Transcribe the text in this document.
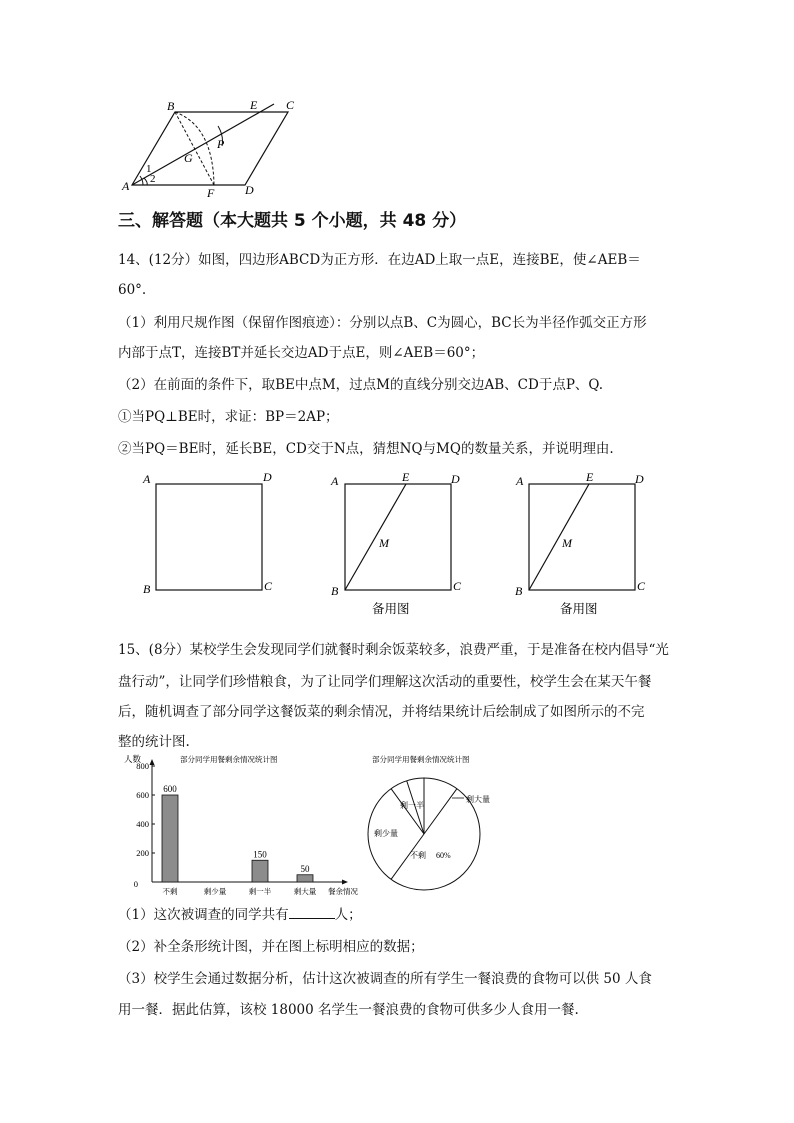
B	E C
P
G
1
2
A	F	D
三、解答题（本大题共 5 个小题，共 48 分）
14、(12分）如图，四边形ABCD为正方形．在边AD上取一点E，连接BE，使∠AEB＝
60°.
（1）利用尺规作图（保留作图痕迹）：分别以点B、C为圆心，BC长为半径作弧交正方形
内部于点T，连接BT并延长交边AD于点E，则∠AEB＝60°；
（2）在前面的条件下，取BE中点M，过点M的直线分别交边AB、CD于点P、Q.
①当PQ⊥BE时，求证：BP＝2AP；
②当PQ＝BE时，延长BE，CD交于N点，猜想NQ与MQ的数量关系，并说明理由.
A	D
B	C
A	E	D
M
B	C
备用图
A	E	D
M
B	C
备用图
15、(8分）某校学生会发现同学们就餐时剩余饭菜较多，浪费严重，于是准备在校内倡导“光
盘行动”，让同学们珍惜粮食，为了让同学们理解这次活动的重要性，校学生会在某天午餐
后，随机调查了部分同学这餐饭菜的剩余情况，并将结果统计后绘制成了如图所示的不完
整的统计图.
部分同学用餐剩余情况统计图
人数
餐余情况
0
200
400
600
800
不剩
600
剩少量	剩一半
150
剩大量
50
部分同学用餐剩余情况统计图
不剩 60%
剩少量
剩一半
剩大量
（1）这次被调查的同学共有	人；
（2）补全条形统计图，并在图上标明相应的数据；
（3）校学生会通过数据分析，估计这次被调查的所有学生一餐浪费的食物可以供 50 人食
用一餐．据此估算，该校 18000 名学生一餐浪费的食物可供多少人食用一餐.
